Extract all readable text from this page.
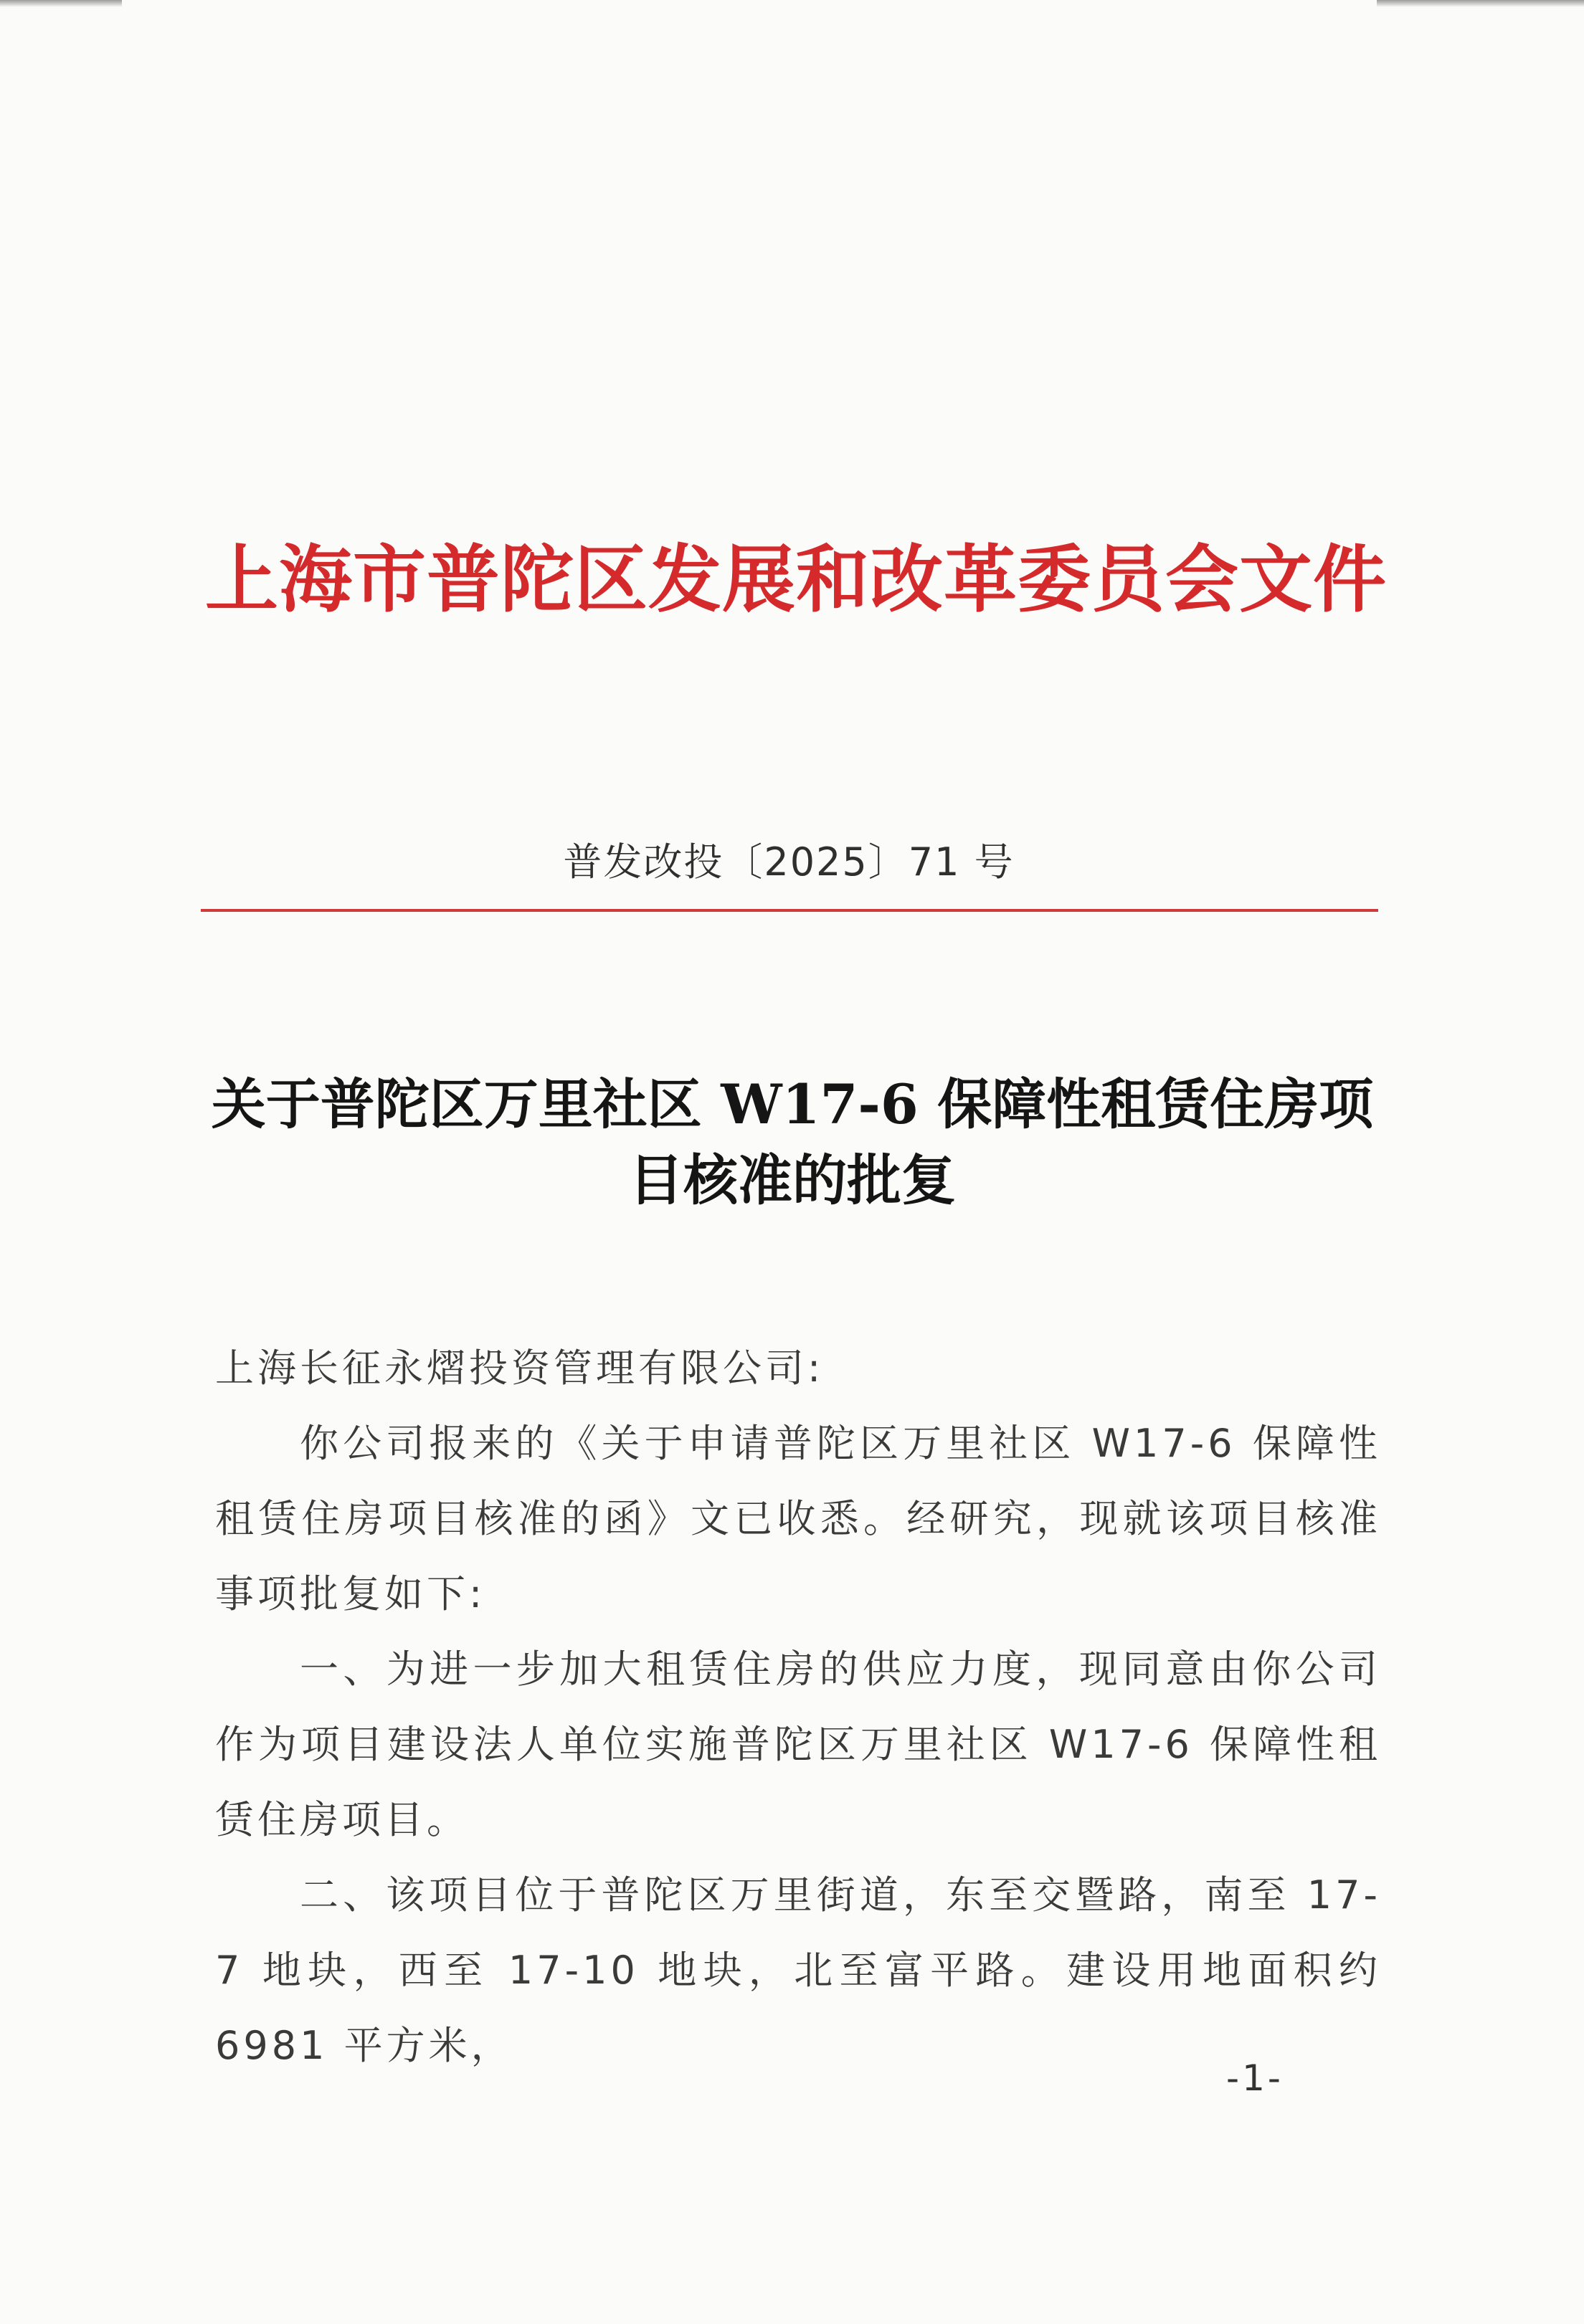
上海市普陀区发展和改革委员会文件
普发改投〔2025〕71 号
关于普陀区万里社区 W17-6 保障性租赁住房项
目核准的批复

上海长征永熠投资管理有限公司:

你公司报来的《关于申请普陀区万里社区 W17-6 保障性租赁住房项目核准的函》文已收悉。经研究，现就该项目核准事项批复如下:

一、为进一步加大租赁住房的供应力度，现同意由你公司作为项目建设法人单位实施普陀区万里社区 W17-6 保障性租赁住房项目。

二、该项目位于普陀区万里街道，东至交暨路，南至 17-7 地块，西至 17-10 地块，北至富平路。建设用地面积约 6981 平方米，

-1-
